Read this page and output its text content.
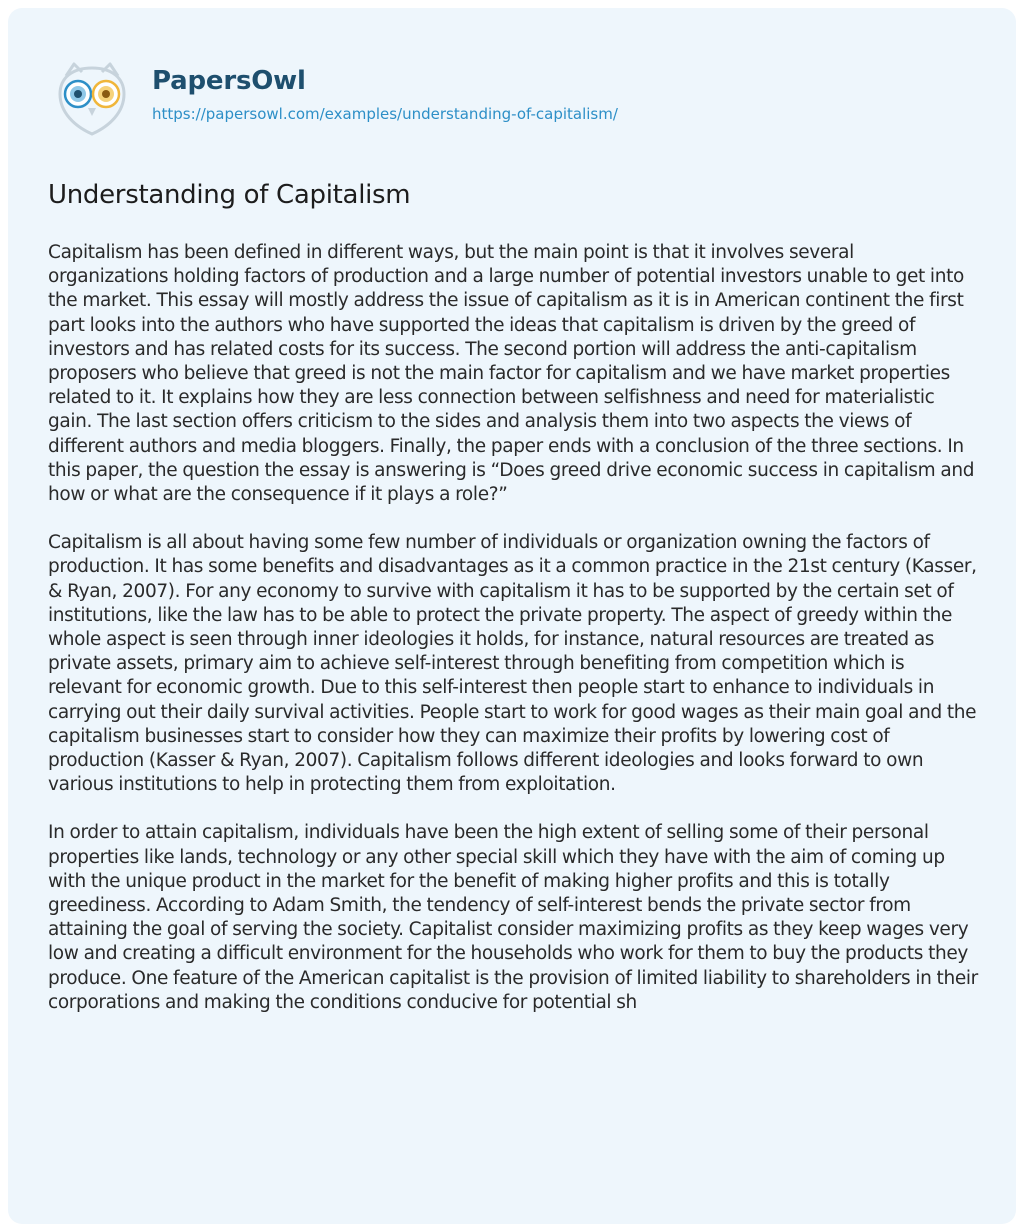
PapersOwl
https://papersowl.com/examples/understanding-of-capitalism/
Understanding of Capitalism

Capitalism has been defined in different ways, but the main point is that it involves several organizations holding factors of production and a large number of potential investors unable to get into the market. This essay will mostly address the issue of capitalism as it is in American continent the first part looks into the authors who have supported the ideas that capitalism is driven by the greed of investors and has related costs for its success. The second portion will address the anti-capitalism proposers who believe that greed is not the main factor for capitalism and we have market properties related to it. It explains how they are less connection between selfishness and need for materialistic gain. The last section offers criticism to the sides and analysis them into two aspects the views of different authors and media bloggers. Finally, the paper ends with a conclusion of the three sections. In this paper, the question the essay is answering is “Does greed drive economic success in capitalism and how or what are the consequence if it plays a role?”

Capitalism is all about having some few number of individuals or organization owning the factors of production. It has some benefits and disadvantages as it a common practice in the 21st century (Kasser, & Ryan, 2007). For any economy to survive with capitalism it has to be supported by the certain set of institutions, like the law has to be able to protect the private property. The aspect of greedy within the whole aspect is seen through inner ideologies it holds, for instance, natural resources are treated as private assets, primary aim to achieve self-interest through benefiting from competition which is relevant for economic growth. Due to this self-interest then people start to enhance to individuals in carrying out their daily survival activities. People start to work for good wages as their main goal and the capitalism businesses start to consider how they can maximize their profits by lowering cost of production (Kasser & Ryan, 2007). Capitalism follows different ideologies and looks forward to own various institutions to help in protecting them from exploitation.

In order to attain capitalism, individuals have been the high extent of selling some of their personal properties like lands, technology or any other special skill which they have with the aim of coming up with the unique product in the market for the benefit of making higher profits and this is totally greediness. According to Adam Smith, the tendency of self-interest bends the private sector from attaining the goal of serving the society. Capitalist consider maximizing profits as they keep wages very low and creating a difficult environment for the households who work for them to buy the products they produce. One feature of the American capitalist is the provision of limited liability to shareholders in their corporations and making the conditions conducive for potential sh
